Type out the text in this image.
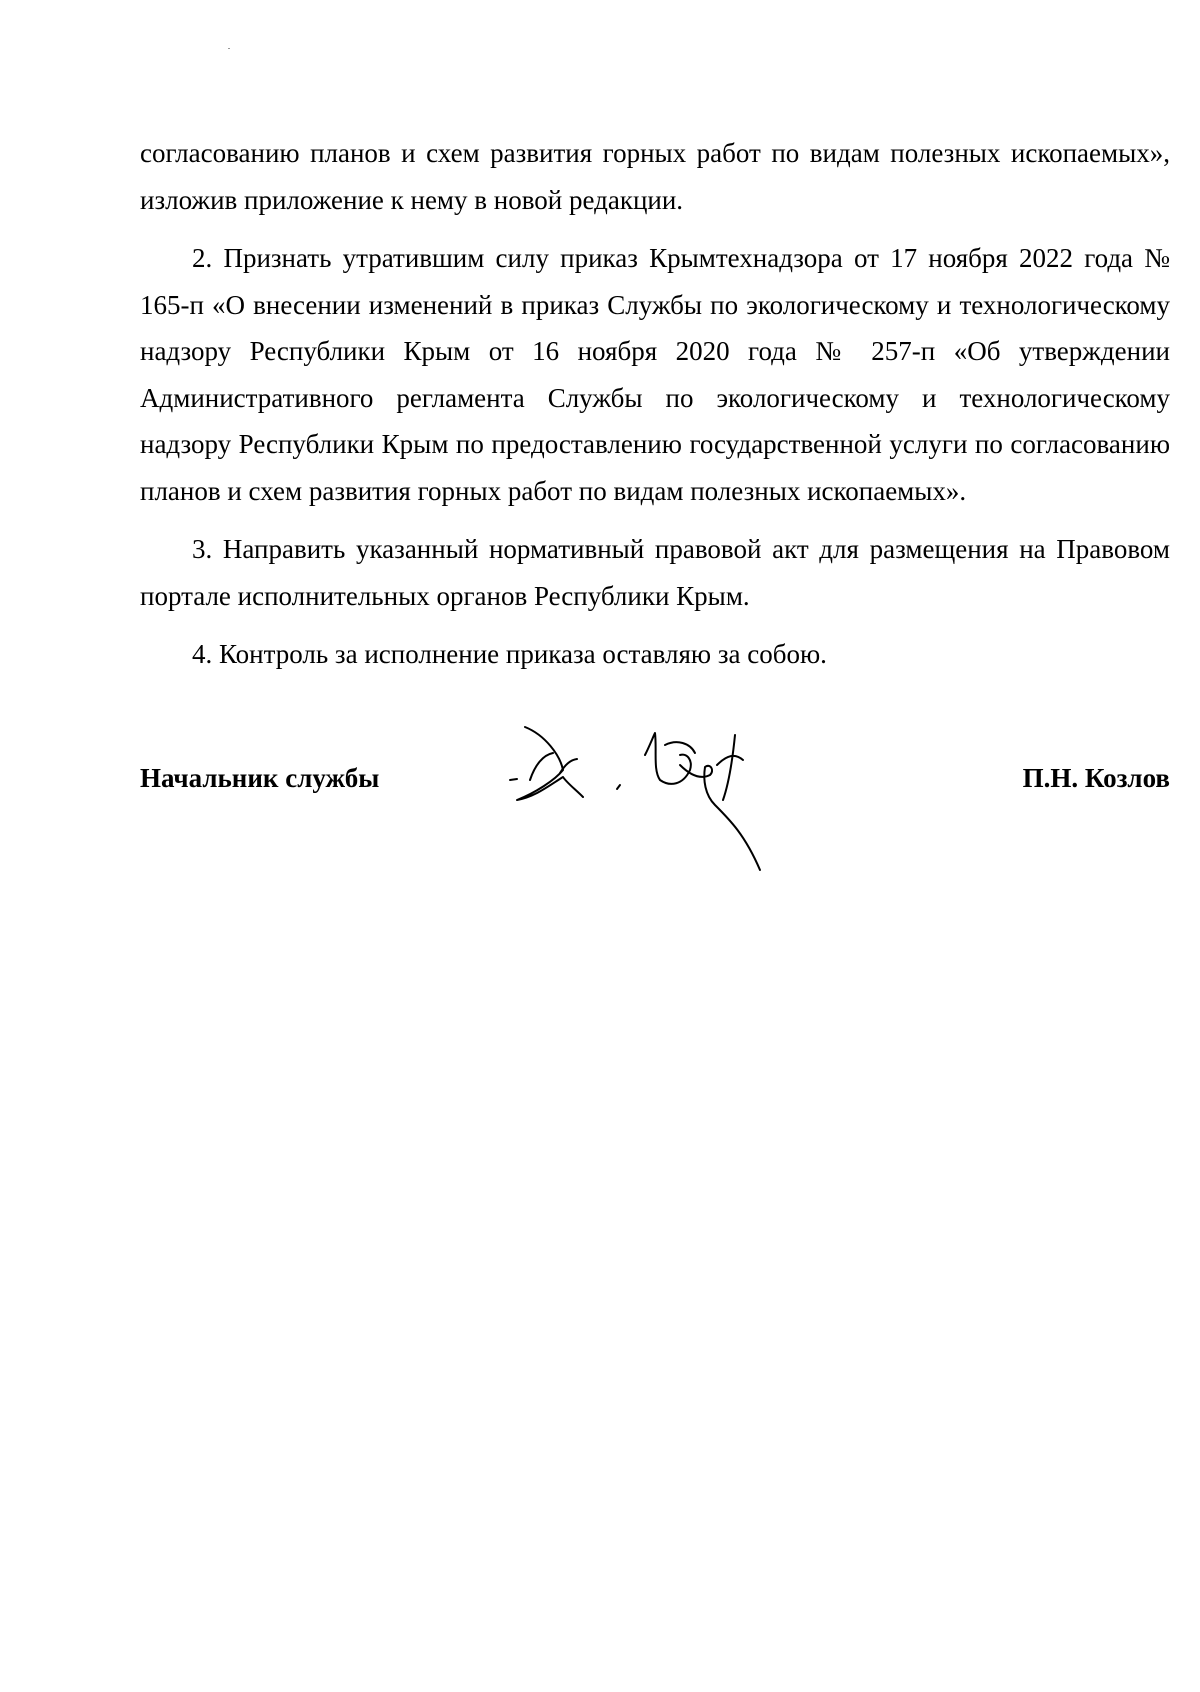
согласованию планов и схем развития горных работ по видам полезных ископаемых», изложив приложение к нему в новой редакции.

2. Признать утратившим силу приказ Крымтехнадзора от 17 ноября 2022 года № 165-п «О внесении изменений в приказ Службы по экологическому и технологическому надзору Республики Крым от 16 ноября 2020 года № 257-п «Об утверждении Административного регламента Службы по экологическому и технологическому надзору Республики Крым по предоставлению государственной услуги по согласованию планов и схем развития горных работ по видам полезных ископаемых».

3. Направить указанный нормативный правовой акт для размещения на Правовом портале исполнительных органов Республики Крым.

4. Контроль за исполнение приказа оставляю за собою.

Начальник службы	П.Н. Козлов
